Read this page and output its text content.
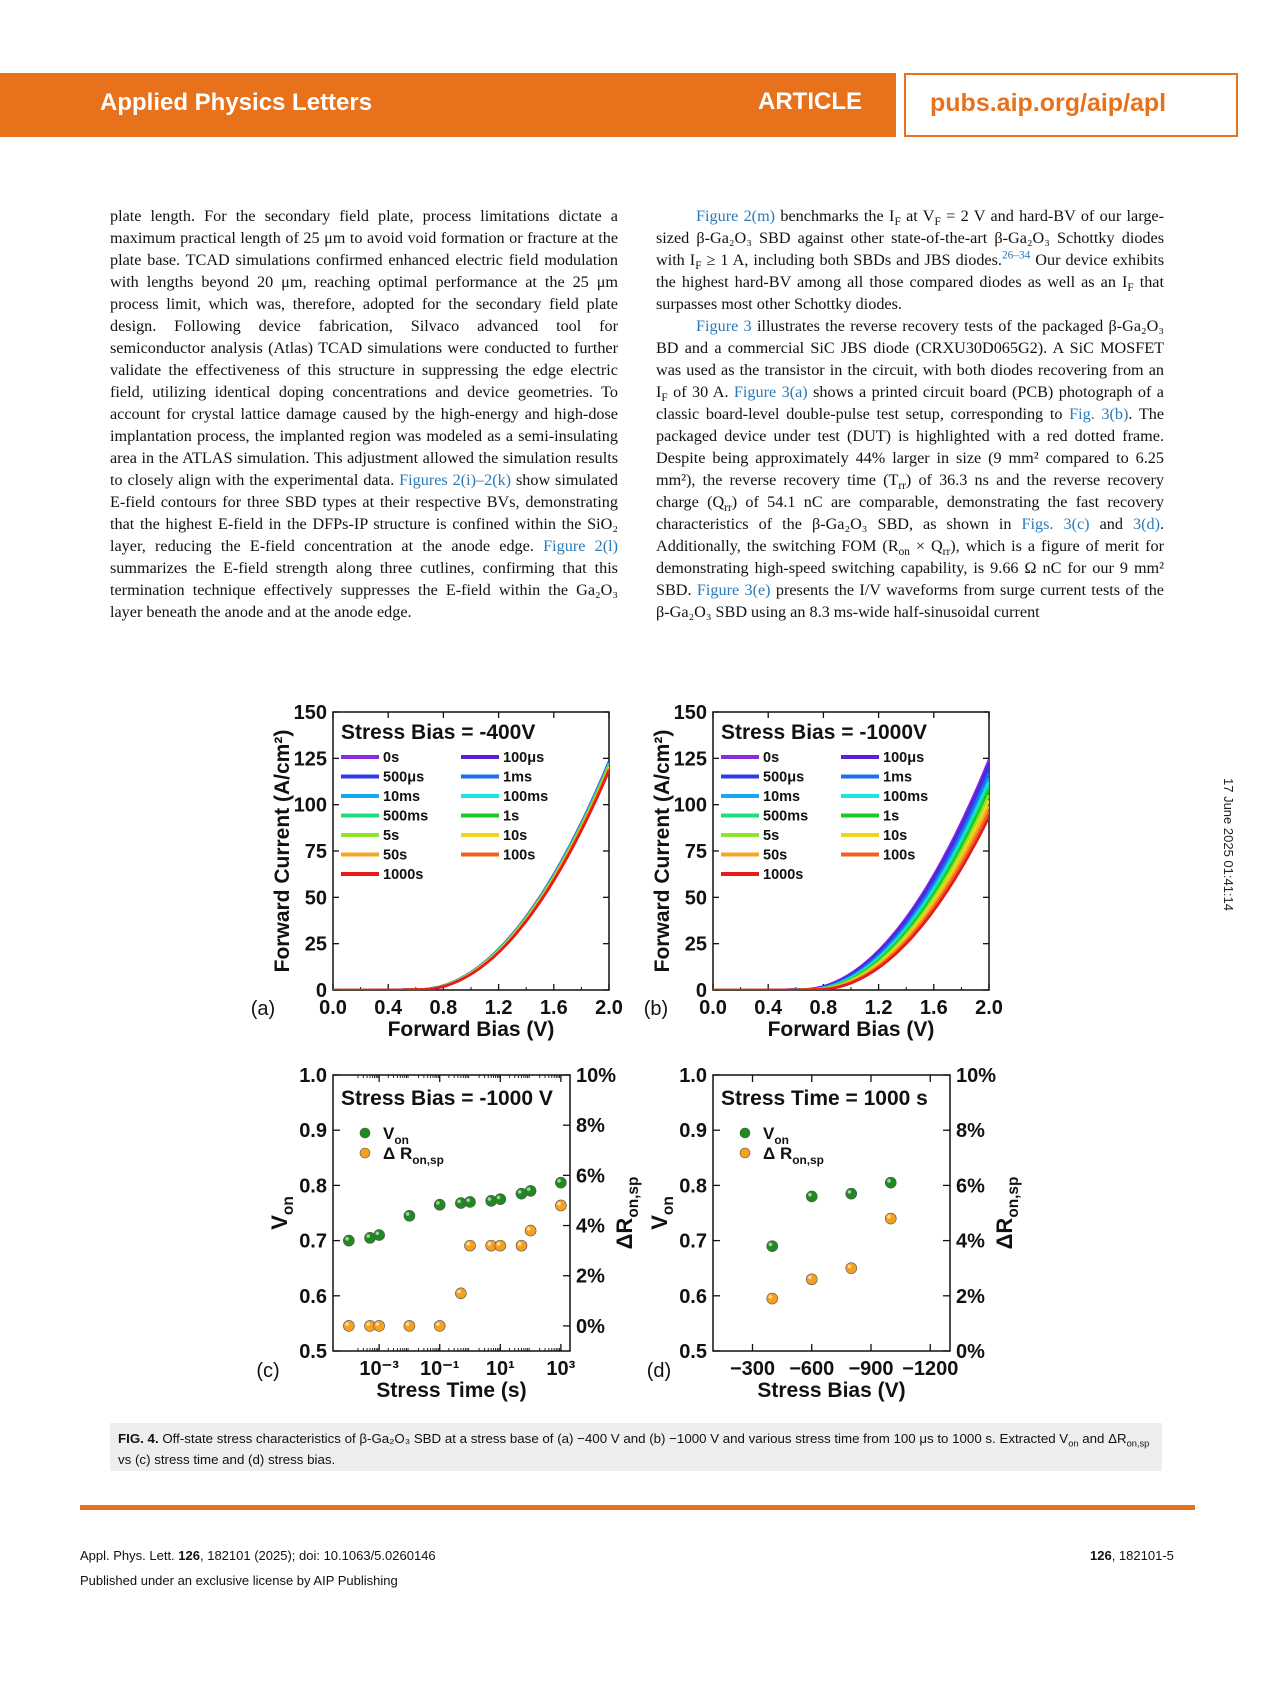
Applied Physics Letters	ARTICLE	pubs.aip.org/aip/apl

plate length. For the secondary field plate, process limitations dictate a maximum practical length of 25 μm to avoid void formation or fracture at the plate base. TCAD simulations confirmed enhanced electric field modulation with lengths beyond 20 μm, reaching optimal performance at the 25 μm process limit, which was, therefore, adopted for the secondary field plate design. Following device fabrication, Silvaco advanced tool for semiconductor analysis (Atlas) TCAD simulations were conducted to further validate the effectiveness of this structure in suppressing the edge electric field, utilizing identical doping concentrations and device geometries. To account for crystal lattice damage caused by the high-energy and high-dose implantation process, the implanted region was modeled as a semi-insulating area in the ATLAS simulation. This adjustment allowed the simulation results to closely align with the experimental data. Figures 2(i)–2(k) show simulated E-field contours for three SBD types at their respective BVs, demonstrating that the highest E-field in the DFPs-IP structure is confined within the SiO₂ layer, reducing the E-field concentration at the anode edge. Figure 2(l) summarizes the E-field strength along three cutlines, confirming that this termination technique effectively suppresses the E-field within the Ga₂O₃ layer beneath the anode and at the anode edge.

Figure 2(m) benchmarks the $I_F$ at $V_F = 2$ V and hard-BV of our large-sized β-Ga₂O₃ SBD against other state-of-the-art β-Ga₂O₃ Schottky diodes with $I_F \ge 1$ A, including both SBDs and JBS diodes.$^{26-34}$ Our device exhibits the highest hard-BV among all those compared diodes as well as an $I_F$ that surpasses most other Schottky diodes.

Figure 3 illustrates the reverse recovery tests of the packaged β-Ga₂O₃ BD and a commercial SiC JBS diode (CRXU30D065G2). A SiC MOSFET was used as the transistor in the circuit, with both diodes recovering from an $I_F$ of 30 A. Figure 3(a) shows a printed circuit board (PCB) photograph of a classic board-level double-pulse test setup, corresponding to Fig. 3(b). The packaged device under test (DUT) is highlighted with a red dotted frame. Despite being approximately 44% larger in size (9 mm² compared to 6.25 mm²), the reverse recovery time $(T_{rr})$ of 36.3 ns and the reverse recovery charge $(Q_{rr})$ of 54.1 nC are comparable, demonstrating the fast recovery characteristics of the β-Ga₂O₃ SBD, as shown in Figs. 3(c) and 3(d). Additionally, the switching FOM $(R_{on} \times Q_{rr})$, which is a figure of merit for demonstrating high-speed switching capability, is 9.66 Ω nC for our 9 mm² SBD. Figure 3(e) presents the I/V waveforms from surge current tests of the β-Ga₂O₃ SBD using an 8.3 ms-wide half-sinusoidal current

17 June 2025 01:41:14
0.0 0.4 0.8 1.2 1.6 2.0
0
25
50
75
100
125
150
Forward Bias (V)
Forward Current (A/cm²) Stress Bias = -400V
0s	100μs
500μs	1ms
10ms	100ms
500ms	1s
5s	10s
50s	100s
1000s
(a)	0.0 0.4 0.8 1.2 1.6 2.0
0
25
50
75
100
125
150
Forward Bias (V)
Forward Current (A/cm²) Stress Bias = -1000V
0s	100μs
500μs	1ms
10ms	100ms
500ms	1s
5s	10s
50s	100s
1000s
(b)
10⁻³ 10⁻¹ 10¹ 10³
0.5
0.6
0.7
0.8
0.9
1.0
0%
2%
4%
6%
8%
10%
Stress Time (s)
$V_{on}$
$\Delta R_{on,sp}$
Stress Bias = -1000 V
$V_{on}$
Δ $R_{on,sp}$
(c)	−300 −600 −900 −1200
0.5
0.6
0.7
0.8
0.9
1.0
0%
2%
4%
6%
8%
10%
Stress Bias (V)
$V_{on}$
$\Delta R_{on,sp}$
Stress Time = 1000 s
$V_{on}$
Δ $R_{on,sp}$
(d)
FIG. 4. Off-state stress characteristics of β-Ga₂O₃ SBD at a stress base of (a) −400 V and (b) −1000 V and various stress time from 100 μs to 1000 s. Extracted $V_{on}$ and $\Delta R_{on,sp}$ vs (c) stress time and (d) stress bias.
Appl. Phys. Lett. 126, 182101 (2025); doi: 10.1063/5.0260146	126, 182101-5
Published under an exclusive license by AIP Publishing
